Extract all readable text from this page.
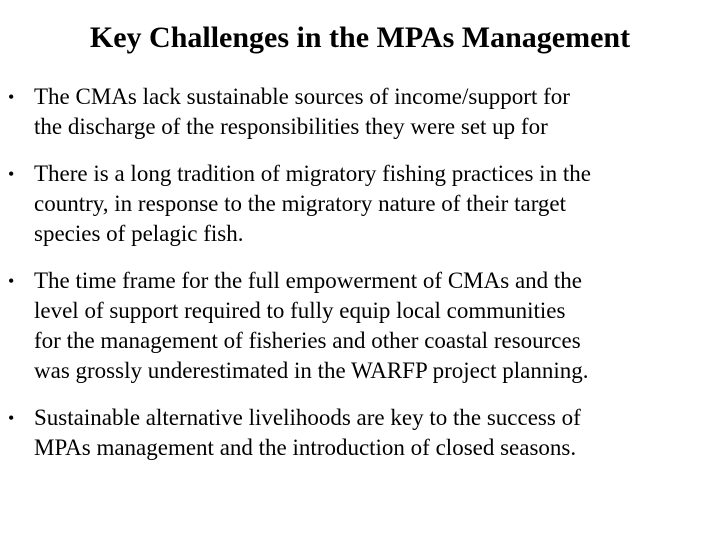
Key Challenges in the MPAs Management
• The CMAs lack sustainable sources of income/support for
the discharge of the responsibilities they were set up for
• There is a long tradition of migratory fishing practices in the
country, in response to the migratory nature of their target
species of pelagic fish.
• The time frame for the full empowerment of CMAs and the
level of support required to fully equip local communities
for the management of fisheries and other coastal resources
was grossly underestimated in the WARFP project planning.
• Sustainable alternative livelihoods are key to the success of
MPAs management and the introduction of closed seasons.
